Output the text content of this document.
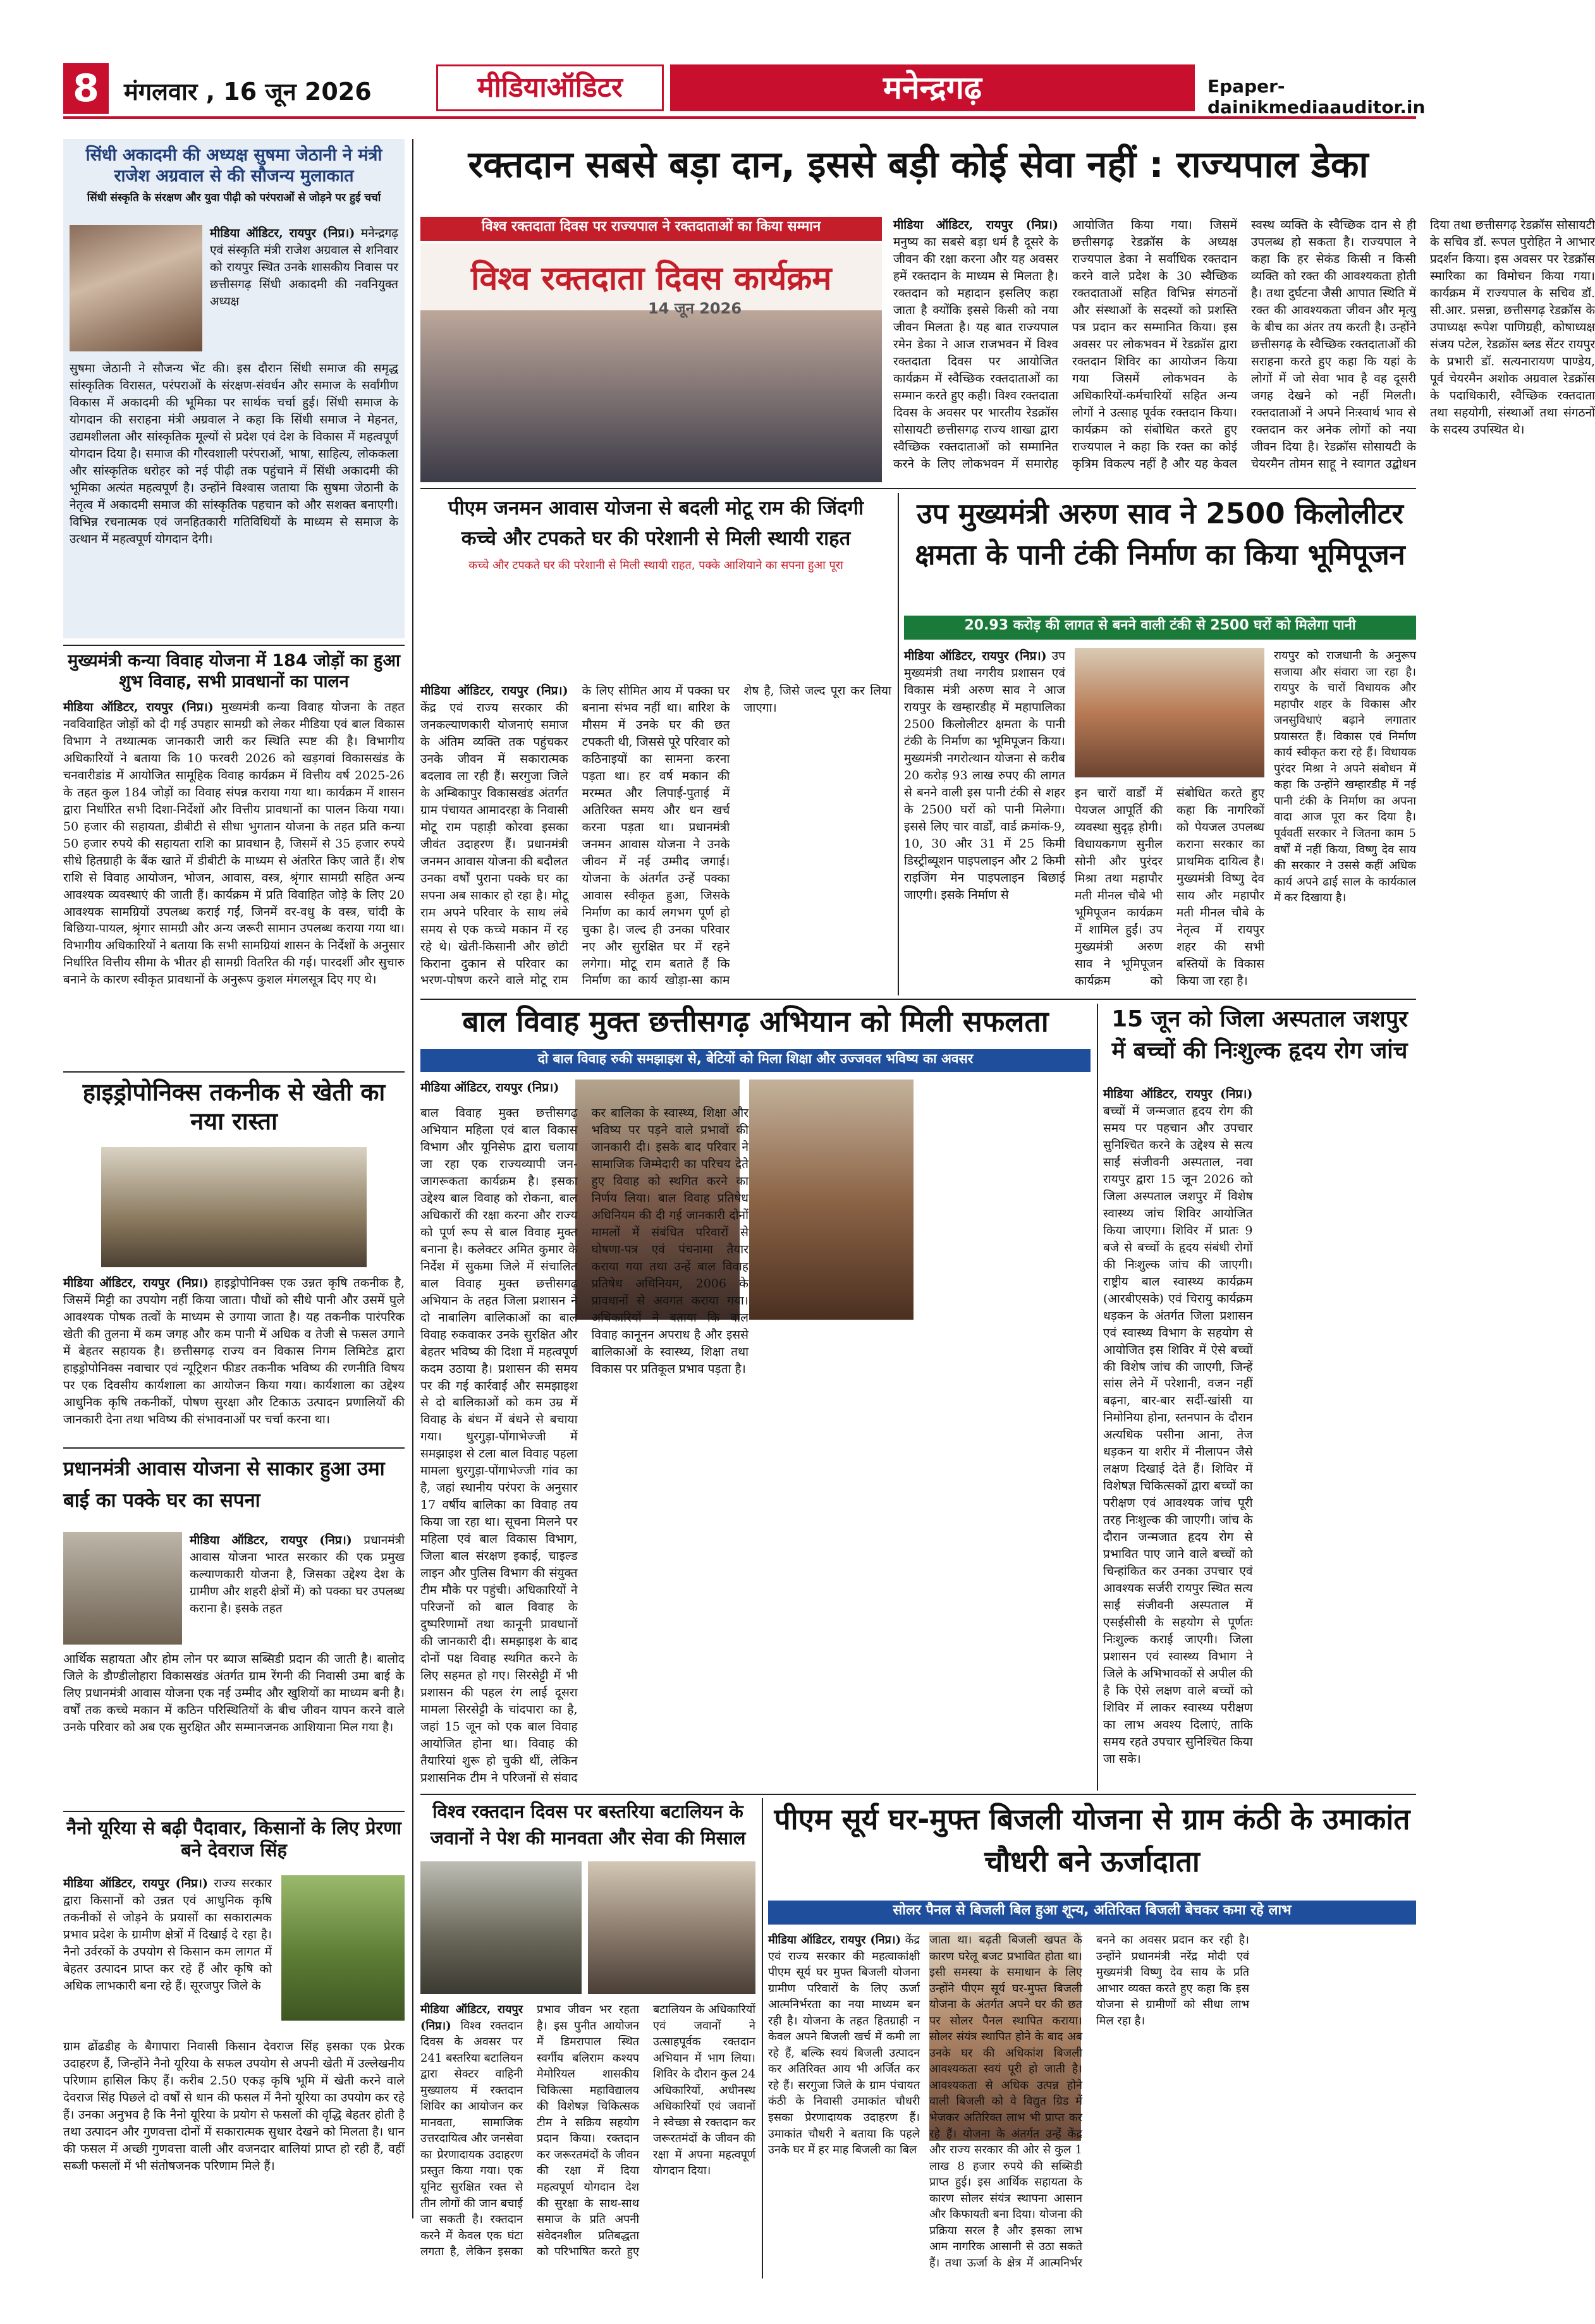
8	मंगलवार , 16 जून 2026	मीडियाऑडिटर	मनेन्द्रगढ़	Epaper- dainikmediaauditor.in
सिंधी अकादमी की अध्यक्ष सुषमा जेठानी ने मंत्री राजेश अग्रवाल से की सौजन्य मुलाकात
सिंधी संस्कृति के संरक्षण और युवा पीढ़ी को परंपराओं से जोड़ने पर हुई चर्चा
मीडिया ऑडिटर, रायपुर (निप्र।) मनेन्द्रगढ़ एवं संस्कृति मंत्री राजेश अग्रवाल से शनिवार को रायपुर स्थित उनके शासकीय निवास पर छत्तीसगढ़ सिंधी अकादमी की नवनियुक्त अध्यक्ष
सुषमा जेठानी ने सौजन्य भेंट की। इस दौरान सिंधी समाज की समृद्ध सांस्कृतिक विरासत, परंपराओं के संरक्षण-संवर्धन और समाज के सर्वांगीण विकास में अकादमी की भूमिका पर सार्थक चर्चा हुई। सिंधी समाज के योगदान की सराहना मंत्री अग्रवाल ने कहा कि सिंधी समाज ने मेहनत, उद्यमशीलता और सांस्कृतिक मूल्यों से प्रदेश एवं देश के विकास में महत्वपूर्ण योगदान दिया है। समाज की गौरवशाली परंपराओं, भाषा, साहित्य, लोककला और सांस्कृतिक धरोहर को नई पीढ़ी तक पहुंचाने में सिंधी अकादमी की भूमिका अत्यंत महत्वपूर्ण है। उन्होंने विश्वास जताया कि सुषमा जेठानी के नेतृत्व में अकादमी समाज की सांस्कृतिक पहचान को और सशक्त बनाएगी। विभिन्न रचनात्मक एवं जनहितकारी गतिविधियों के माध्यम से समाज के उत्थान में महत्वपूर्ण योगदान देगी।
मुख्यमंत्री कन्या विवाह योजना में 184 जोड़ों का हुआ शुभ विवाह, सभी प्रावधानों का पालन
मीडिया ऑडिटर, रायपुर (निप्र।) मुख्यमंत्री कन्या विवाह योजना के तहत नवविवाहित जोड़ों को दी गई उपहार सामग्री को लेकर मीडिया एवं बाल विकास विभाग ने तथ्यात्मक जानकारी जारी कर स्थिति स्पष्ट की है। विभागीय अधिकारियों ने बताया कि 10 फरवरी 2026 को खड़गवां विकासखंड के चनवारीडांड में आयोजित सामूहिक विवाह कार्यक्रम में वित्तीय वर्ष 2025-26 के तहत कुल 184 जोड़ों का विवाह संपन्न कराया गया था। कार्यक्रम में शासन द्वारा निर्धारित सभी दिशा-निर्देशों और वित्तीय प्रावधानों का पालन किया गया। 50 हजार की सहायता, डीबीटी से सीधा भुगतान योजना के तहत प्रति कन्या 50 हजार रुपये की सहायता राशि का प्रावधान है, जिसमें से 35 हजार रुपये सीधे हितग्राही के बैंक खाते में डीबीटी के माध्यम से अंतरित किए जाते हैं। शेष राशि से विवाह आयोजन, भोजन, आवास, वस्त्र, श्रृंगार सामग्री सहित अन्य आवश्यक व्यवस्थाएं की जाती हैं। कार्यक्रम में प्रति विवाहित जोड़े के लिए 20 आवश्यक सामग्रियों उपलब्ध कराई गईं, जिनमें वर-वधु के वस्त्र, चांदी के बिछिया-पायल, श्रृंगार सामग्री और अन्य जरूरी सामान उपलब्ध कराया गया था। विभागीय अधिकारियों ने बताया कि सभी सामग्रियां शासन के निर्देशों के अनुसार निर्धारित वित्तीय सीमा के भीतर ही सामग्री वितरित की गई। पारदर्शी और सुचारु बनाने के कारण स्वीकृत प्रावधानों के अनुरूप कुशल मंगलसूत्र दिए गए थे।
हाइड्रोपोनिक्स तकनीक से खेती का नया रास्ता
मीडिया ऑडिटर, रायपुर (निप्र।) हाइड्रोपोनिक्स एक उन्नत कृषि तकनीक है, जिसमें मिट्टी का उपयोग नहीं किया जाता। पौधों को सीधे पानी और उसमें घुले आवश्यक पोषक तत्वों के माध्यम से उगाया जाता है। यह तकनीक पारंपरिक खेती की तुलना में कम जगह और कम पानी में अधिक व तेजी से फसल उगाने में बेहतर सहायक है। छत्तीसगढ़ राज्य वन विकास निगम लिमिटेड द्वारा हाइड्रोपोनिक्स नवाचार एवं न्यूट्रिशन फीडर तकनीक भविष्य की रणनीति विषय पर एक दिवसीय कार्यशाला का आयोजन किया गया। कार्यशाला का उद्देश्य आधुनिक कृषि तकनीकों, पोषण सुरक्षा और टिकाऊ उत्पादन प्रणालियों की जानकारी देना तथा भविष्य की संभावनाओं पर चर्चा करना था।
प्रधानमंत्री आवास योजना से साकार हुआ उमा बाई का पक्के घर का सपना
मीडिया ऑडिटर, रायपुर (निप्र।) प्रधानमंत्री आवास योजना भारत सरकार की एक प्रमुख कल्याणकारी योजना है, जिसका उद्देश्य देश के ग्रामीण और शहरी क्षेत्रों में) को पक्का घर उपलब्ध कराना है। इसके तहत
आर्थिक सहायता और होम लोन पर ब्याज सब्सिडी प्रदान की जाती है। बालोद जिले के डौण्डीलोहारा विकासखंड अंतर्गत ग्राम रेंगनी की निवासी उमा बाई के लिए प्रधानमंत्री आवास योजना एक नई उम्मीद और खुशियों का माध्यम बनी है। वर्षों तक कच्चे मकान में कठिन परिस्थितियों के बीच जीवन यापन करने वाले उनके परिवार को अब एक सुरक्षित और सम्मानजनक आशियाना मिल गया है।
नैनो यूरिया से बढ़ी पैदावार, किसानों के लिए प्रेरणा बने देवराज सिंह
मीडिया ऑडिटर, रायपुर (निप्र।) राज्य सरकार द्वारा किसानों को उन्नत एवं आधुनिक कृषि तकनीकों से जोड़ने के प्रयासों का सकारात्मक प्रभाव प्रदेश के ग्रामीण क्षेत्रों में दिखाई दे रहा है। नैनो उर्वरकों के उपयोग से किसान कम लागत में बेहतर उत्पादन प्राप्त कर रहे हैं और कृषि को अधिक लाभकारी बना रहे हैं। सूरजपुर जिले के
ग्राम ढोंढडीह के बैगापारा निवासी किसान देवराज सिंह इसका एक प्रेरक उदाहरण हैं, जिन्होंने नैनो यूरिया के सफल उपयोग से अपनी खेती में उल्लेखनीय परिणाम हासिल किए हैं। करीब 2.50 एकड़ कृषि भूमि में खेती करने वाले देवराज सिंह पिछले दो वर्षों से धान की फसल में नैनो यूरिया का उपयोग कर रहे हैं। उनका अनुभव है कि नैनो यूरिया के प्रयोग से फसलों की वृद्धि बेहतर होती है तथा उत्पादन और गुणवत्ता दोनों में सकारात्मक सुधार देखने को मिलता है। धान की फसल में अच्छी गुणवत्ता वाली और वजनदार बालियां प्राप्त हो रही हैं, वहीं सब्जी फसलों में भी संतोषजनक परिणाम मिले हैं।
रक्तदान सबसे बड़ा दान, इससे बड़ी कोई सेवा नहीं : राज्यपाल डेका
विश्व रक्तदाता दिवस पर राज्यपाल ने रक्तदाताओं का किया सम्मान
विश्व रक्तदाता दिवस कार्यक्रम
14 जून 2026
मीडिया ऑडिटर, रायपुर (निप्र।) मनुष्य का सबसे बड़ा धर्म है दूसरे के जीवन की रक्षा करना और यह अवसर हमें रक्तदान के माध्यम से मिलता है। रक्तदान को महादान इसलिए कहा जाता है क्योंकि इससे किसी को नया जीवन मिलता है। यह बात राज्यपाल रमेन डेका ने आज राजभवन में विश्व रक्तदाता दिवस पर आयोजित कार्यक्रम में स्वैच्छिक रक्तदाताओं का सम्मान करते हुए कही। विश्व रक्तदाता दिवस के अवसर पर भारतीय रेडक्रॉस सोसायटी छत्तीसगढ़ राज्य शाखा द्वारा स्वैच्छिक रक्तदाताओं को सम्मानित करने के लिए लोकभवन में समारोह आयोजित किया गया। जिसमें छत्तीसगढ़ रेडक्रॉस के अध्यक्ष राज्यपाल डेका ने सर्वाधिक रक्तदान करने वाले प्रदेश के 30 स्वैच्छिक रक्तदाताओं सहित विभिन्न संगठनों और संस्थाओं के सदस्यों को प्रशस्ति पत्र प्रदान कर सम्मानित किया। इस अवसर पर लोकभवन में रेडक्रॉस द्वारा रक्तदान शिविर का आयोजन किया गया जिसमें लोकभवन के अधिकारियों-कर्मचारियों सहित अन्य लोगों ने उत्साह पूर्वक रक्तदान किया। कार्यक्रम को संबोधित करते हुए राज्यपाल ने कहा कि रक्त का कोई कृत्रिम विकल्प नहीं है और यह केवल स्वस्थ व्यक्ति के स्वैच्छिक दान से ही उपलब्ध हो सकता है। राज्यपाल ने कहा कि हर सेकंड किसी न किसी व्यक्ति को रक्त की आवश्यकता होती है। तथा दुर्घटना जैसी आपात स्थिति में रक्त की आवश्यकता जीवन और मृत्यु के बीच का अंतर तय करती है। उन्होंने छत्तीसगढ़ के स्वैच्छिक रक्तदाताओं की सराहना करते हुए कहा कि यहां के लोगों में जो सेवा भाव है वह दूसरी जगह देखने को नहीं मिलती। रक्तदाताओं ने अपने निःस्वार्थ भाव से रक्तदान कर अनेक लोगों को नया जीवन दिया है। रेडक्रॉस सोसायटी के चेयरमैन तोमन साहू ने स्वागत उद्बोधन दिया तथा छत्तीसगढ़ रेडक्रॉस सोसायटी के सचिव डॉ. रूपल पुरोहित ने आभार प्रदर्शन किया। इस अवसर पर रेडक्रॉस स्मारिका का विमोचन किया गया। कार्यक्रम में राज्यपाल के सचिव डॉ. सी.आर. प्रसन्ना, छत्तीसगढ़ रेडक्रॉस के उपाध्यक्ष रूपेश पाणिग्रही, कोषाध्यक्ष संजय पटेल, रेडक्रॉस ब्लड सेंटर रायपुर के प्रभारी डॉ. सत्यनारायण पाण्डेय, पूर्व चेयरमैन अशोक अग्रवाल रेडक्रॉस के पदाधिकारी, स्वैच्छिक रक्तदाता तथा सहयोगी, संस्थाओं तथा संगठनों के सदस्य उपस्थित थे।
पीएम जनमन आवास योजना से बदली मोटू राम की जिंदगी कच्चे और टपकते घर की परेशानी से मिली स्थायी राहत
कच्चे और टपकते घर की परेशानी से मिली स्थायी राहत, पक्के आशियाने का सपना हुआ पूरा
मीडिया ऑडिटर, रायपुर (निप्र।) केंद्र एवं राज्य सरकार की जनकल्याणकारी योजनाएं समाज के अंतिम व्यक्ति तक पहुंचकर उनके जीवन में सकारात्मक बदलाव ला रही हैं। सरगुजा जिले के अम्बिकापुर विकासखंड अंतर्गत ग्राम पंचायत आमादरहा के निवासी मोटू राम पहाड़ी कोरवा इसका जीवंत उदाहरण हैं। प्रधानमंत्री जनमन आवास योजना की बदौलत उनका वर्षों पुराना पक्के घर का सपना अब साकार हो रहा है। मोटू राम अपने परिवार के साथ लंबे समय से एक कच्चे मकान में रह रहे थे। खेती-किसानी और छोटी किराना दुकान से परिवार का भरण-पोषण करने वाले मोटू राम के लिए सीमित आय में पक्का घर बनाना संभव नहीं था। बारिश के मौसम में उनके घर की छत टपकती थी, जिससे पूरे परिवार को कठिनाइयों का सामना करना पड़ता था। हर वर्ष मकान की मरम्मत और लिपाई-पुताई में अतिरिक्त समय और धन खर्च करना पड़ता था। प्रधानमंत्री जनमन आवास योजना ने उनके जीवन में नई उम्मीद जगाई। योजना के अंतर्गत उन्हें पक्का आवास स्वीकृत हुआ, जिसके निर्माण का कार्य लगभग पूर्ण हो चुका है। जल्द ही उनका परिवार नए और सुरक्षित घर में रहने लगेगा। मोटू राम बताते हैं कि निर्माण का कार्य खोड़ा-सा काम शेष है, जिसे जल्द पूरा कर लिया जाएगा।
उप मुख्यमंत्री अरुण साव ने 2500 किलोलीटर क्षमता के पानी टंकी निर्माण का किया भूमिपूजन
20.93 करोड़ की लागत से बनने वाली टंकी से 2500 घरों को मिलेगा पानी
मीडिया ऑडिटर, रायपुर (निप्र।) उप मुख्यमंत्री तथा नगरीय प्रशासन एवं विकास मंत्री अरुण साव ने आज रायपुर के खम्हारडीह में महापालिका 2500 किलोलीटर क्षमता के पानी टंकी के निर्माण का भूमिपूजन किया। मुख्यमंत्री नगरोत्थान योजना से करीब 20 करोड़ 93 लाख रुपए की लागत से बनने वाली इस पानी टंकी से शहर के 2500 घरों को पानी मिलेगा। इससे लिए चार वार्डों, वार्ड क्रमांक-9, 10, 30 और 31 में 25 किमी डिस्ट्रीब्यूशन पाइपलाइन और 2 किमी राइजिंग मेन पाइपलाइन बिछाई जाएगी। इसके निर्माण से
इन चारों वार्डों में पेयजल आपूर्ति की व्यवस्था सुदृढ़ होगी। विधायकगण सुनील सोनी और पुरंदर मिश्रा तथा महापौर मती मीनल चौबे भी भूमिपूजन कार्यक्रम में शामिल हुईं। उप मुख्यमंत्री अरुण साव ने भूमिपूजन कार्यक्रम को संबोधित करते हुए कहा कि नागरिकों को पेयजल उपलब्ध कराना सरकार का प्राथमिक दायित्व है। मुख्यमंत्री विष्णु देव साय और महापौर मती मीनल चौबे के नेतृत्व में रायपुर शहर की सभी बस्तियों के विकास किया जा रहा है।
रायपुर को राजधानी के अनुरूप सजाया और संवारा जा रहा है। रायपुर के चारों विधायक और महापौर शहर के विकास और जनसुविधाएं बढ़ाने लगातार प्रयासरत हैं। विकास एवं निर्माण कार्य स्वीकृत करा रहे हैं। विधायक पुरंदर मिश्रा ने अपने संबोधन में कहा कि उन्होंने खम्हारडीह में नई पानी टंकी के निर्माण का अपना वादा आज पूरा कर दिया है। पूर्ववर्ती सरकार ने जितना काम 5 वर्षों में नहीं किया, विष्णु देव साय की सरकार ने उससे कहीं अधिक कार्य अपने ढाई साल के कार्यकाल में कर दिखाया है।
बाल विवाह मुक्त छत्तीसगढ़ अभियान को मिली सफलता
दो बाल विवाह रुकी समझाइश से, बेटियों को मिला शिक्षा और उज्जवल भविष्य का अवसर
मीडिया ऑडिटर, रायपुर (निप्र।)
बाल विवाह मुक्त छत्तीसगढ़ अभियान महिला एवं बाल विकास विभाग और यूनिसेफ द्वारा चलाया जा रहा एक राज्यव्यापी जन-जागरूकता कार्यक्रम है। इसका उद्देश्य बाल विवाह को रोकना, बाल अधिकारों की रक्षा करना और राज्य को पूर्ण रूप से बाल विवाह मुक्त बनाना है। कलेक्टर अमित कुमार के निर्देश में सुकमा जिले में संचालित बाल विवाह मुक्त छत्तीसगढ़ अभियान के तहत जिला प्रशासन ने दो नाबालिग बालिकाओं का बाल विवाह रुकवाकर उनके सुरक्षित और बेहतर भविष्य की दिशा में महत्वपूर्ण कदम उठाया है। प्रशासन की समय पर की गई कार्रवाई और समझाइश से दो बालिकाओं को कम उम्र में विवाह के बंधन में बंधने से बचाया गया। धुरगुड़ा-पोंगाभेज्जी में समझाइश से टला बाल विवाह पहला मामला धुरगुड़ा-पोंगाभेज्जी गांव का है, जहां स्थानीय परंपरा के अनुसार 17 वर्षीय बालिका का विवाह तय किया जा रहा था। सूचना मिलने पर महिला एवं बाल विकास विभाग, जिला बाल संरक्षण इकाई, चाइल्ड लाइन और पुलिस विभाग की संयुक्त टीम मौके पर पहुंची। अधिकारियों ने परिजनों को बाल विवाह के दुष्परिणामों तथा कानूनी प्रावधानों की जानकारी दी। समझाइश के बाद दोनों पक्ष विवाह स्थगित करने के लिए सहमत हो गए। सिरसेट्टी में भी प्रशासन की पहल रंग लाई दूसरा मामला सिरसेट्टी के चांदपारा का है, जहां 15 जून को एक बाल विवाह आयोजित होना था। विवाह की तैयारियां शुरू हो चुकी थीं, लेकिन प्रशासनिक टीम ने परिजनों से संवाद कर बालिका के स्वास्थ्य, शिक्षा और भविष्य पर पड़ने वाले प्रभावों की जानकारी दी। इसके बाद परिवार ने सामाजिक जिम्मेदारी का परिचय देते हुए विवाह को स्थगित करने का निर्णय लिया। बाल विवाह प्रतिषेध अधिनियम की दी गई जानकारी दोनों मामलों में संबंधित परिवारों से घोषणा-पत्र एवं पंचनामा तैयार कराया गया तथा उन्हें बाल विवाह प्रतिषेध अधिनियम, 2006 के प्रावधानों से अवगत कराया गया। अधिकारियों ने बताया कि बाल विवाह कानूनन अपराध है और इससे बालिकाओं के स्वास्थ्य, शिक्षा तथा विकास पर प्रतिकूल प्रभाव पड़ता है।
15 जून को जिला अस्पताल जशपुर में बच्चों की निःशुल्क हृदय रोग जांच
मीडिया ऑडिटर, रायपुर (निप्र।) बच्चों में जन्मजात हृदय रोग की समय पर पहचान और उपचार सुनिश्चित करने के उद्देश्य से सत्य साईं संजीवनी अस्पताल, नवा रायपुर द्वारा 15 जून 2026 को जिला अस्पताल जशपुर में विशेष स्वास्थ्य जांच शिविर आयोजित किया जाएगा। शिविर में प्रातः 9 बजे से बच्चों के हृदय संबंधी रोगों की निःशुल्क जांच की जाएगी। राष्ट्रीय बाल स्वास्थ्य कार्यक्रम (आरबीएसके) एवं चिरायु कार्यक्रम धड़कन के अंतर्गत जिला प्रशासन एवं स्वास्थ्य विभाग के सहयोग से आयोजित इस शिविर में ऐसे बच्चों की विशेष जांच की जाएगी, जिन्हें सांस लेने में परेशानी, वजन नहीं बढ़ना, बार-बार सर्दी-खांसी या निमोनिया होना, स्तनपान के दौरान अत्यधिक पसीना आना, तेज धड़कन या शरीर में नीलापन जैसे लक्षण दिखाई देते हैं। शिविर में विशेषज्ञ चिकित्सकों द्वारा बच्चों का परीक्षण एवं आवश्यक जांच पूरी तरह निःशुल्क की जाएगी। जांच के दौरान जन्मजात हृदय रोग से प्रभावित पाए जाने वाले बच्चों को चिन्हांकित कर उनका उपचार एवं आवश्यक सर्जरी रायपुर स्थित सत्य साईं संजीवनी अस्पताल में एसईसीसी के सहयोग से पूर्णतः निःशुल्क कराई जाएगी। जिला प्रशासन एवं स्वास्थ्य विभाग ने जिले के अभिभावकों से अपील की है कि ऐसे लक्षण वाले बच्चों को शिविर में लाकर स्वास्थ्य परीक्षण का लाभ अवश्य दिलाएं, ताकि समय रहते उपचार सुनिश्चित किया जा सके।
विश्व रक्तदान दिवस पर बस्तरिया बटालियन के जवानों ने पेश की मानवता और सेवा की मिसाल
मीडिया ऑडिटर, रायपुर (निप्र।) विश्व रक्तदान दिवस के अवसर पर 241 बस्तरिया बटालियन द्वारा सेक्टर वाहिनी मुख्यालय में रक्तदान शिविर का आयोजन कर मानवता, सामाजिक उत्तरदायित्व और जनसेवा का प्रेरणादायक उदाहरण प्रस्तुत किया गया। एक यूनिट सुरक्षित रक्त से तीन लोगों की जान बचाई जा सकती है। रक्तदान करने में केवल एक घंटा लगता है, लेकिन इसका प्रभाव जीवन भर रहता है। इस पुनीत आयोजन में डिमरापाल स्थित स्वर्गीय बलिराम कश्यप मेमोरियल शासकीय चिकित्सा महाविद्यालय की विशेषज्ञ चिकित्सक टीम ने सक्रिय सहयोग प्रदान किया। रक्तदान कर जरूरतमंदों के जीवन की रक्षा में दिया महत्वपूर्ण योगदान देश की सुरक्षा के साथ-साथ समाज के प्रति अपनी संवेदनशील प्रतिबद्धता को परिभाषित करते हुए बटालियन के अधिकारियों एवं जवानों ने उत्साहपूर्वक रक्तदान अभियान में भाग लिया। शिविर के दौरान कुल 24 अधिकारियों, अधीनस्थ अधिकारियों एवं जवानों ने स्वेच्छा से रक्तदान कर जरूरतमंदों के जीवन की रक्षा में अपना महत्वपूर्ण योगदान दिया।
पीएम सूर्य घर-मुफ्त बिजली योजना से ग्राम कंठी के उमाकांत चौधरी बने ऊर्जादाता
सोलर पैनल से बिजली बिल हुआ शून्य, अतिरिक्त बिजली बेचकर कमा रहे लाभ
मीडिया ऑडिटर, रायपुर (निप्र।) केंद्र एवं राज्य सरकार की महत्वाकांक्षी पीएम सूर्य घर मुफ्त बिजली योजना ग्रामीण परिवारों के लिए ऊर्जा आत्मनिर्भरता का नया माध्यम बन रही है। योजना के तहत हितग्राही न केवल अपने बिजली खर्च में कमी ला रहे हैं, बल्कि स्वयं बिजली उत्पादन कर अतिरिक्त आय भी अर्जित कर रहे हैं। सरगुजा जिले के ग्राम पंचायत कंठी के निवासी उमाकांत चौधरी इसका प्रेरणादायक उदाहरण हैं। उमाकांत चौधरी ने बताया कि पहले उनके घर में हर माह बिजली का बिल
जाता था। बढ़ती बिजली खपत के कारण घरेलू बजट प्रभावित होता था। इसी समस्या के समाधान के लिए उन्होंने पीएम सूर्य घर-मुफ्त बिजली योजना के अंतर्गत अपने घर की छत पर सोलर पैनल स्थापित कराया। सोलर संयंत्र स्थापित होने के बाद अब उनके घर की अधिकांश बिजली आवश्यकता स्वयं पूरी हो जाती है। आवश्यकता से अधिक उत्पन्न होने वाली बिजली को वे विद्युत ग्रिड में भेजकर अतिरिक्त लाभ भी प्राप्त कर रहे हैं। योजना के अंतर्गत उन्हें केंद्र और राज्य सरकार की ओर से कुल 1 लाख 8 हजार रुपये की सब्सिडी प्राप्त हुई। इस आर्थिक सहायता के कारण सोलर संयंत्र स्थापना आसान और किफायती बना दिया। योजना की प्रक्रिया सरल है और इसका लाभ आम नागरिक आसानी से उठा सकते हैं। तथा ऊर्जा के क्षेत्र में आत्मनिर्भर बनने का अवसर प्रदान कर रही है। उन्होंने प्रधानमंत्री नरेंद्र मोदी एवं मुख्यमंत्री विष्णु देव साय के प्रति आभार व्यक्त करते हुए कहा कि इस योजना से ग्रामीणों को सीधा लाभ मिल रहा है।
